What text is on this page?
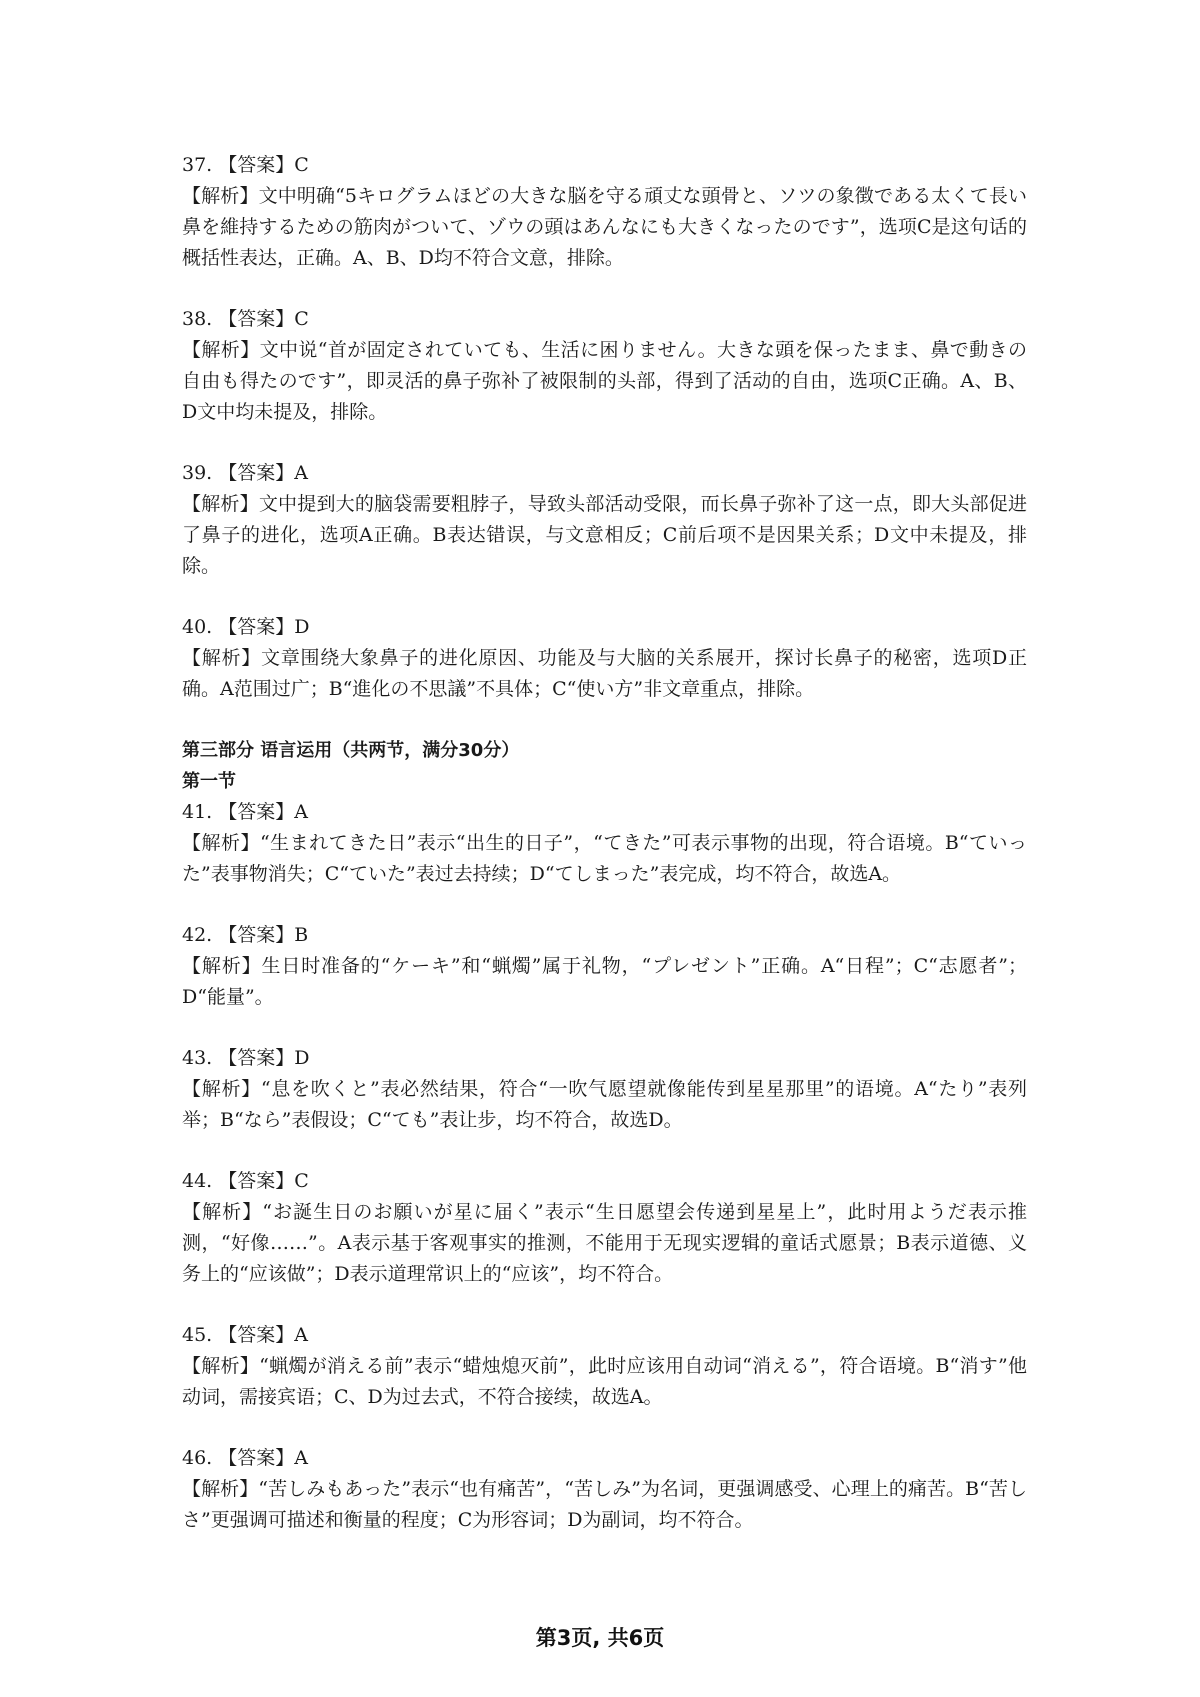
37. 【答案】C

【解析】文中明确“5キログラムほどの大きな脳を守る頑丈な頭骨と、ソツの象徴である太くて長い鼻を維持するための筋肉がついて、ゾウの頭はあんなにも大きくなったのです”，选项C是这句话的概括性表达，正确。A、B、D均不符合文意，排除。

38. 【答案】C

【解析】文中说“首が固定されていても、生活に困りません。大きな頭を保ったまま、鼻で動きの自由も得たのです”，即灵活的鼻子弥补了被限制的头部，得到了活动的自由，选项C正确。A、B、D文中均未提及，排除。

39. 【答案】A

【解析】文中提到大的脑袋需要粗脖子，导致头部活动受限，而长鼻子弥补了这一点，即大头部促进了鼻子的进化，选项A正确。B表达错误，与文意相反；C前后项不是因果关系；D文中未提及，排除。

40. 【答案】D

【解析】文章围绕大象鼻子的进化原因、功能及与大脑的关系展开，探讨长鼻子的秘密，选项D正确。A范围过广；B“進化の不思議”不具体；C“使い方”非文章重点，排除。

第三部分 语言运用（共两节，满分30分）

第一节

41. 【答案】A

【解析】“生まれてきた日”表示“出生的日子”，“てきた”可表示事物的出现，符合语境。B“ていった”表事物消失；C“ていた”表过去持续；D“てしまった”表完成，均不符合，故选A。

42. 【答案】B

【解析】生日时准备的“ケーキ”和“蝋燭”属于礼物，“プレゼント”正确。A“日程”；C“志愿者”；D“能量”。

43. 【答案】D

【解析】“息を吹くと”表必然结果，符合“一吹气愿望就像能传到星星那里”的语境。A“たり”表列举；B“なら”表假设；C“ても”表让步，均不符合，故选D。

44. 【答案】C

【解析】“お誕生日のお願いが星に届く”表示“生日愿望会传递到星星上”，此时用ようだ表示推测，“好像……”。A表示基于客观事实的推测，不能用于无现实逻辑的童话式愿景；B表示道德、义务上的“应该做”；D表示道理常识上的“应该”，均不符合。

45. 【答案】A

【解析】“蝋燭が消える前”表示“蜡烛熄灭前”，此时应该用自动词“消える”，符合语境。B“消す”他动词，需接宾语；C、D为过去式，不符合接续，故选A。

46. 【答案】A

【解析】“苦しみもあった”表示“也有痛苦”，“苦しみ”为名词，更强调感受、心理上的痛苦。B“苦しさ”更强调可描述和衡量的程度；C为形容词；D为副词，均不符合。

第3页, 共6页
